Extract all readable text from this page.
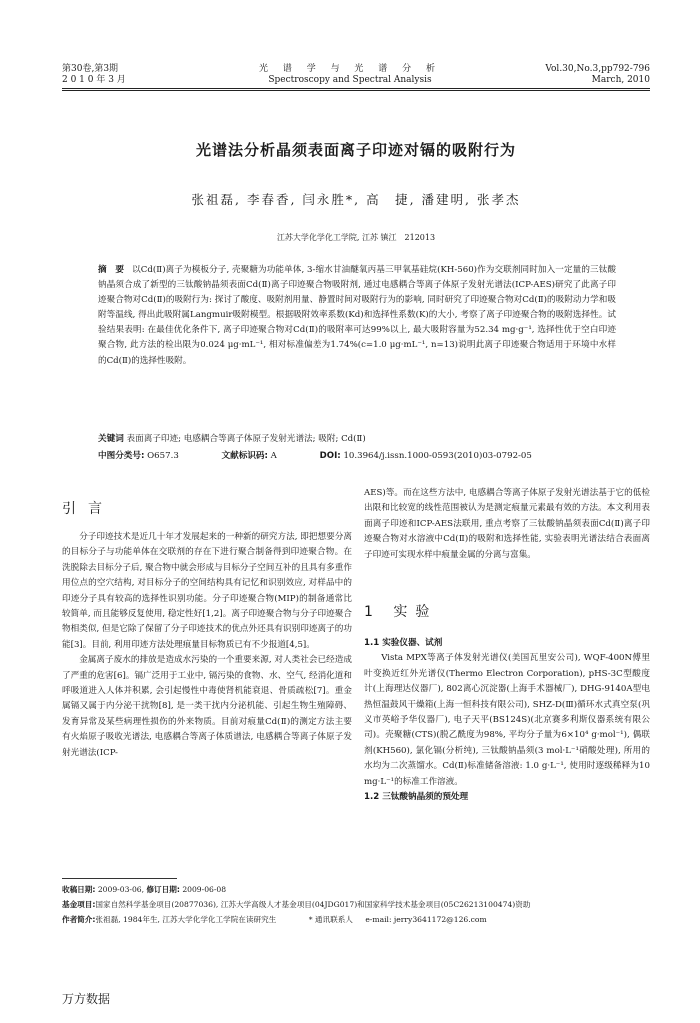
第30卷,第3期
2 0 1 0 年 3 月
光 谱 学 与 光 谱 分 析
Spectroscopy and Spectral Analysis
Vol.30,No.3,pp792-796
March, 2010
光谱法分析晶须表面离子印迹对镉的吸附行为
张祖磊, 李春香, 闫永胜*, 高　捷, 潘建明, 张孝杰
江苏大学化学化工学院, 江苏 镇江　212013
摘　要 以Cd(Ⅱ)离子为模板分子, 壳聚糖为功能单体, 3-缩水甘油醚氧丙基三甲氧基硅烷(KH-560)作为交联剂同时加入一定量的三钛酸钠晶须合成了新型的三钛酸钠晶须表面Cd(Ⅱ)离子印迹聚合物吸附剂, 通过电感耦合等离子体原子发射光谱法(ICP-AES)研究了此离子印迹聚合物对Cd(Ⅱ)的吸附行为: 探讨了酸度、吸附剂用量、静置时间对吸附行为的影响, 同时研究了印迹聚合物对Cd(Ⅱ)的吸附动力学和吸附等温线, 得出此吸附属Langmuir吸附模型。根据吸附效率系数(Kd)和选择性系数(K)的大小, 考察了离子印迹聚合物的吸附选择性。试验结果表明: 在最佳优化条件下, 离子印迹聚合物对Cd(Ⅱ)的吸附率可达99%以上, 最大吸附容量为52.34 mg·g⁻¹, 选择性优于空白印迹聚合物, 此方法的检出限为0.024 μg·mL⁻¹, 相对标准偏差为1.74%(c=1.0 μg·mL⁻¹, n=13)说明此离子印迹聚合物适用于环境中水样的Cd(Ⅱ)的选择性吸附。
关键词 表面离子印迹; 电感耦合等离子体原子发射光谱法; 吸附; Cd(Ⅱ)
中图分类号: O657.3	文献标识码: A	DOI: 10.3964/j.issn.1000-0593(2010)03-0792-05
引言

分子印迹技术是近几十年才发展起来的一种新的研究方法, 即把想要分离的目标分子与功能单体在交联剂的存在下进行聚合制备得到印迹聚合物。在洗脱除去目标分子后, 聚合物中就会形成与目标分子空间互补的且具有多重作用位点的空穴结构, 对目标分子的空间结构具有记忆和识别效应, 对样品中的印迹分子具有较高的选择性识别功能。分子印迹聚合物(MIP)的制备通常比较简单, 而且能够反复使用, 稳定性好[1,2]。离子印迹聚合物与分子印迹聚合物相类似, 但是它除了保留了分子印迹技术的优点外还具有识别印迹离子的功能[3]。目前, 利用印迹方法处理痕量目标物质已有不少报道[4,5]。

金属离子废水的排放是造成水污染的一个重要来源, 对人类社会已经造成了严重的危害[6]。镉广泛用于工业中, 镉污染的食物、水、空气, 经消化道和呼吸道进入人体并积累, 会引起慢性中毒使肾机能衰退、骨质疏松[7]。重金属镉又属于内分泌干扰物[8], 是一类干扰内分泌机能、引起生物生殖障碍、发育异常及某些病理性损伤的外来物质。目前对痕量Cd(Ⅱ)的测定方法主要有火焰原子吸收光谱法, 电感耦合等离子体质谱法, 电感耦合等离子体原子发射光谱法(ICP-

AES)等。而在这些方法中, 电感耦合等离子体原子发射光谱法基于它的低检出限和比较宽的线性范围被认为是测定痕量元素最有效的方法。本文利用表面离子印迹和ICP-AES法联用, 重点考察了三钛酸钠晶须表面Cd(Ⅱ)离子印迹聚合物对水溶液中Cd(Ⅱ)的吸附和选择性能, 实验表明光谱法结合表面离子印迹可实现水样中痕量金属的分离与富集。

1 实验
1.1 实验仪器、试剂

Vista MPX等离子体发射光谱仪(美国瓦里安公司), WQF-400N傅里叶变换近红外光谱仪(Thermo Electron Corporation), pHS-3C型酸度计(上海理达仪器厂), 802离心沉淀器(上海手术器械厂), DHG-9140A型电热恒温鼓风干燥箱(上海一恒科技有限公司), SHZ-D(Ⅲ)循环水式真空泵(巩义市英峪予华仪器厂), 电子天平(BS124S)(北京赛多利斯仪器系统有限公司)。壳聚糖(CTS)(脱乙酰度为98%, 平均分子量为6×10⁴ g·mol⁻¹), 偶联剂(KH560), 氯化镉(分析纯), 三钛酸钠晶须(3 mol·L⁻¹硝酸处理), 所用的水均为二次蒸馏水。Cd(Ⅱ)标准储备溶液: 1.0 g·L⁻¹, 使用时逐级稀释为10 mg·L⁻¹的标准工作溶液。

1.2 三钛酸钠晶须的预处理
收稿日期: 2009-03-06, 修订日期: 2009-06-08
基金项目:国家自然科学基金项目(20877036), 江苏大学高级人才基金项目(04JDG017)和国家科学技术基金项目(05C26213100474)资助
作者简介:张祖磊, 1984年生, 江苏大学化学化工学院在读研究生	* 通讯联系人 e-mail: jerry3641172@126.com
万方数据
